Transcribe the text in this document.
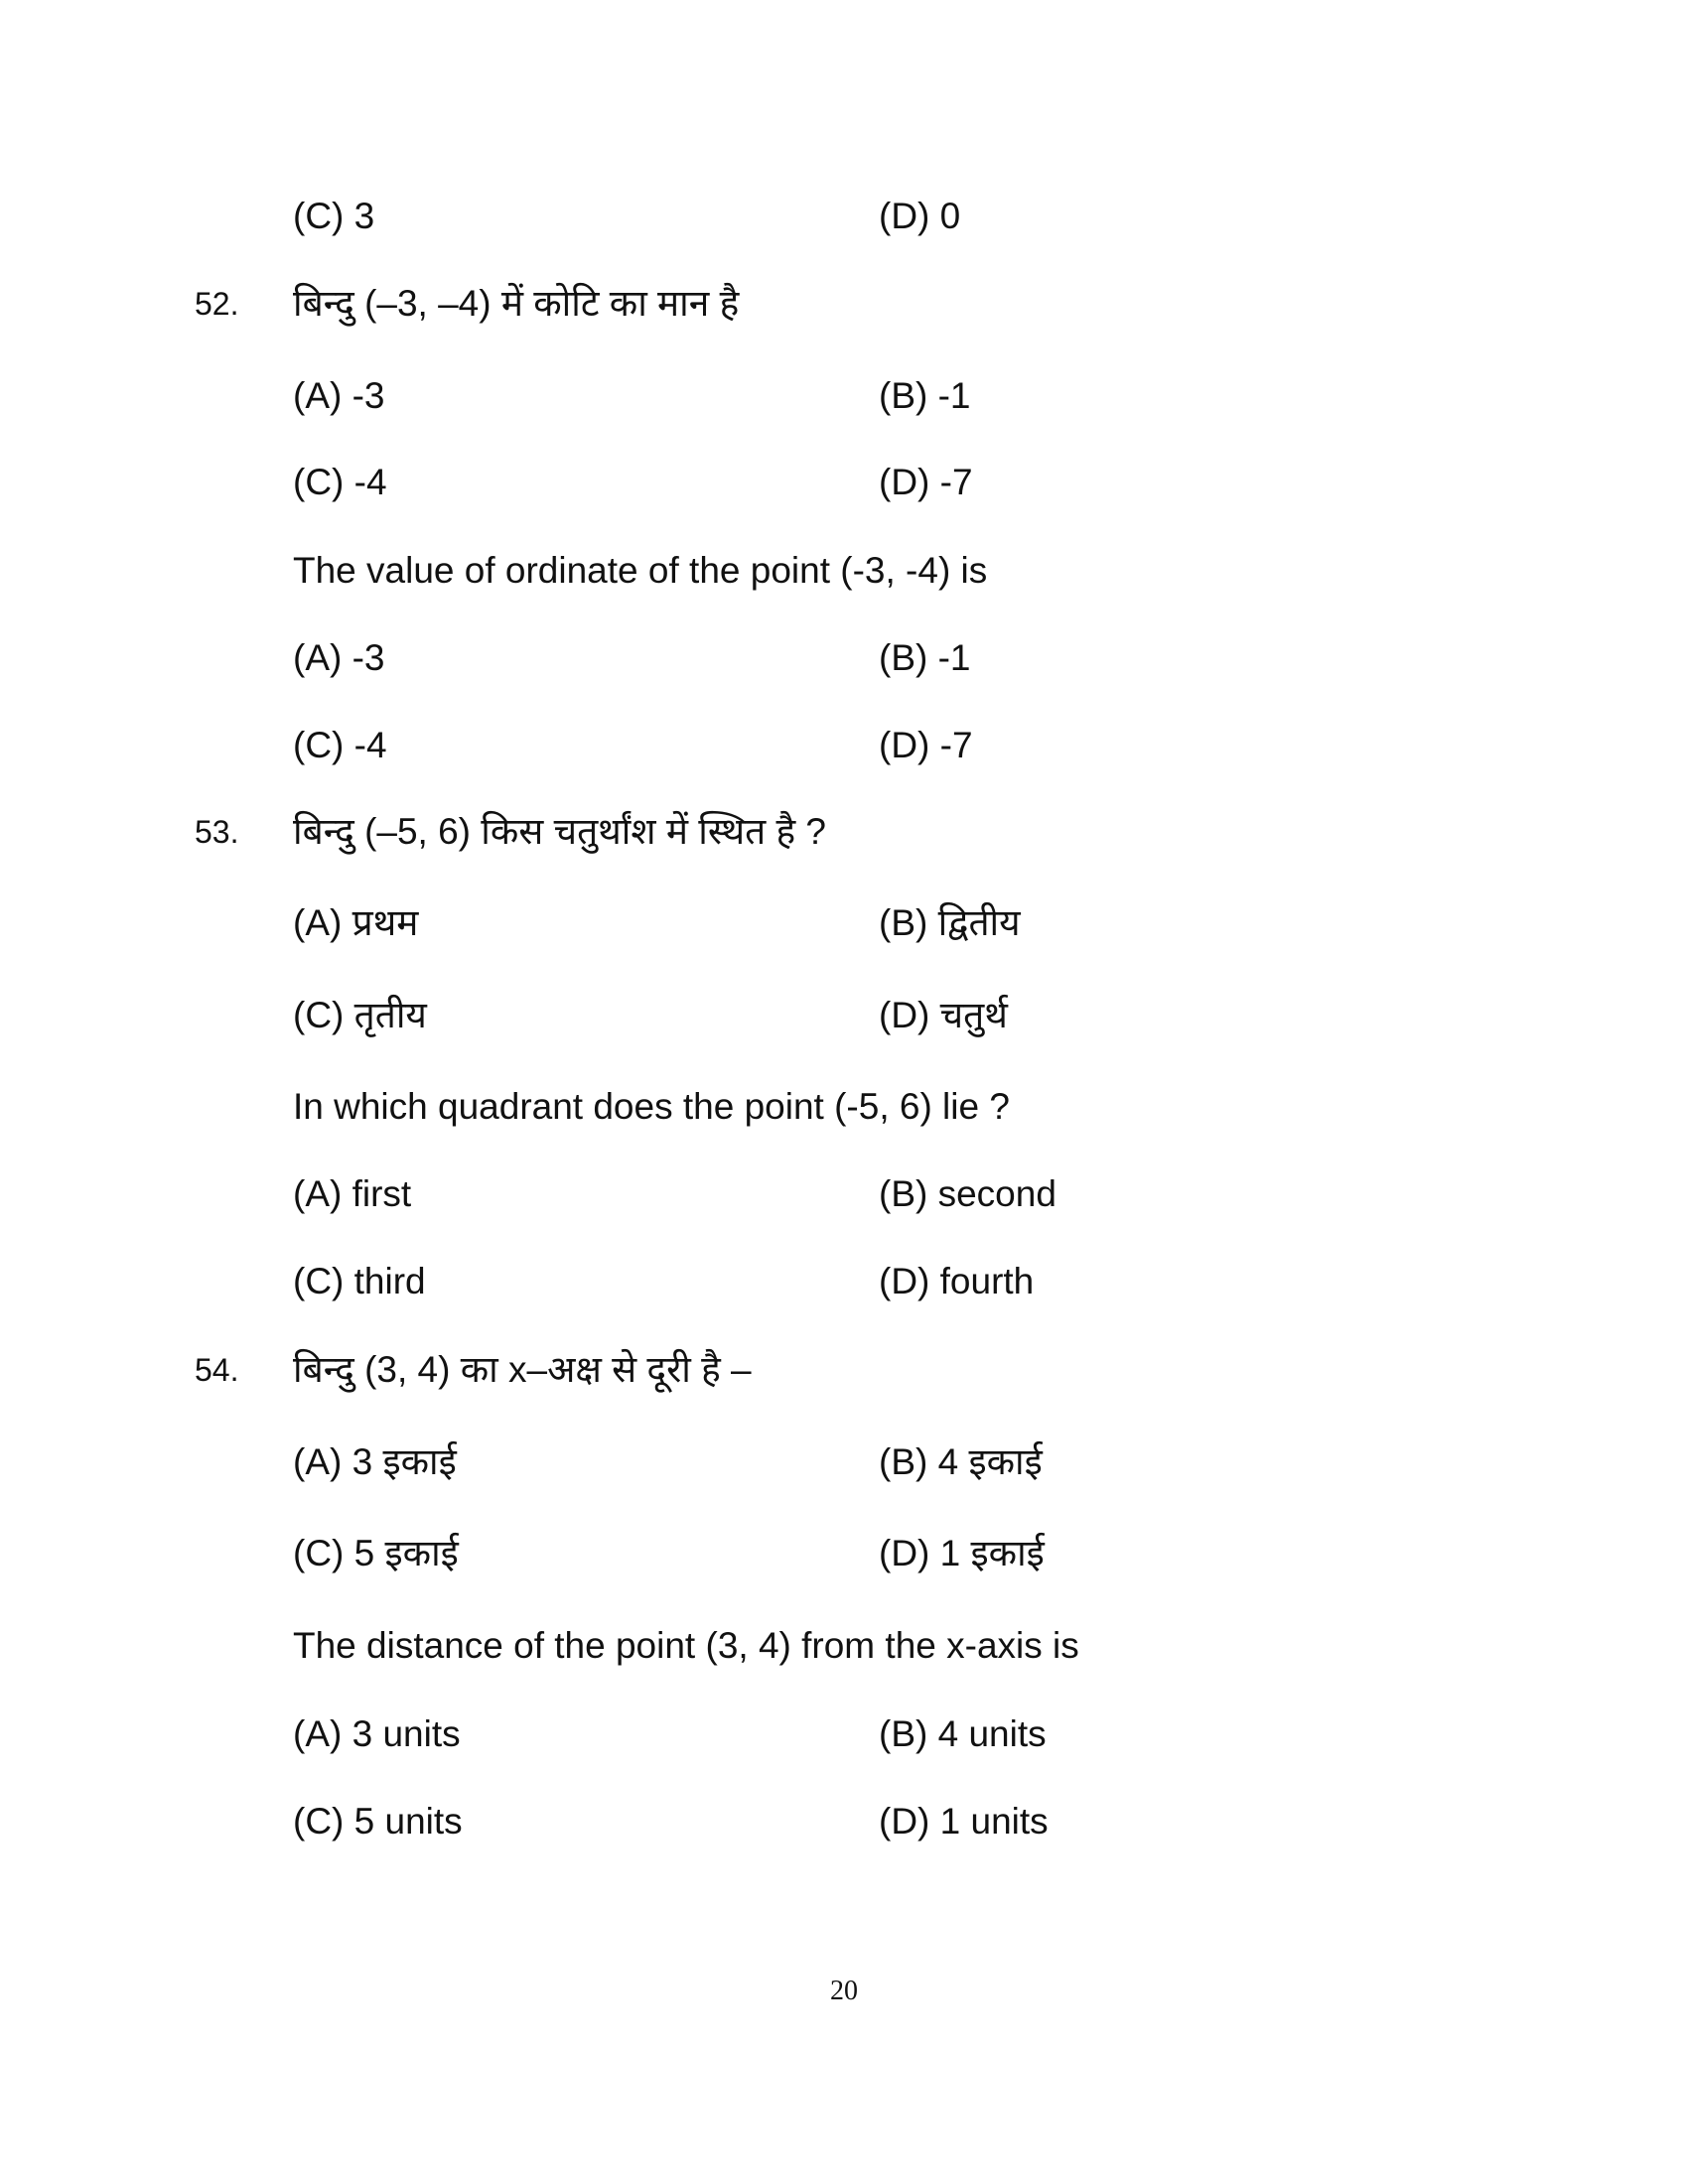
(C) 3	(D) 0
52. बिन्दु (–3, –4) में कोटि का मान है
(A) -3	(B) -1
(C) -4	(D) -7
The value of ordinate of the point (-3, -4) is
(A) -3	(B) -1
(C) -4	(D) -7
53. बिन्दु (–5, 6) किस चतुर्थांश में स्थित है ?
(A) प्रथम	(B) द्वितीय
(C) तृतीय	(D) चतुर्थ
In which quadrant does the point (-5, 6) lie ?
(A) first	(B) second
(C) third	(D) fourth
54. बिन्दु (3, 4) का x–अक्ष से दूरी है –
(A) 3 इकाई	(B) 4 इकाई
(C) 5 इकाई	(D) 1 इकाई
The distance of the point (3, 4) from the x-axis is
(A) 3 units	(B) 4 units
(C) 5 units	(D) 1 units
20
